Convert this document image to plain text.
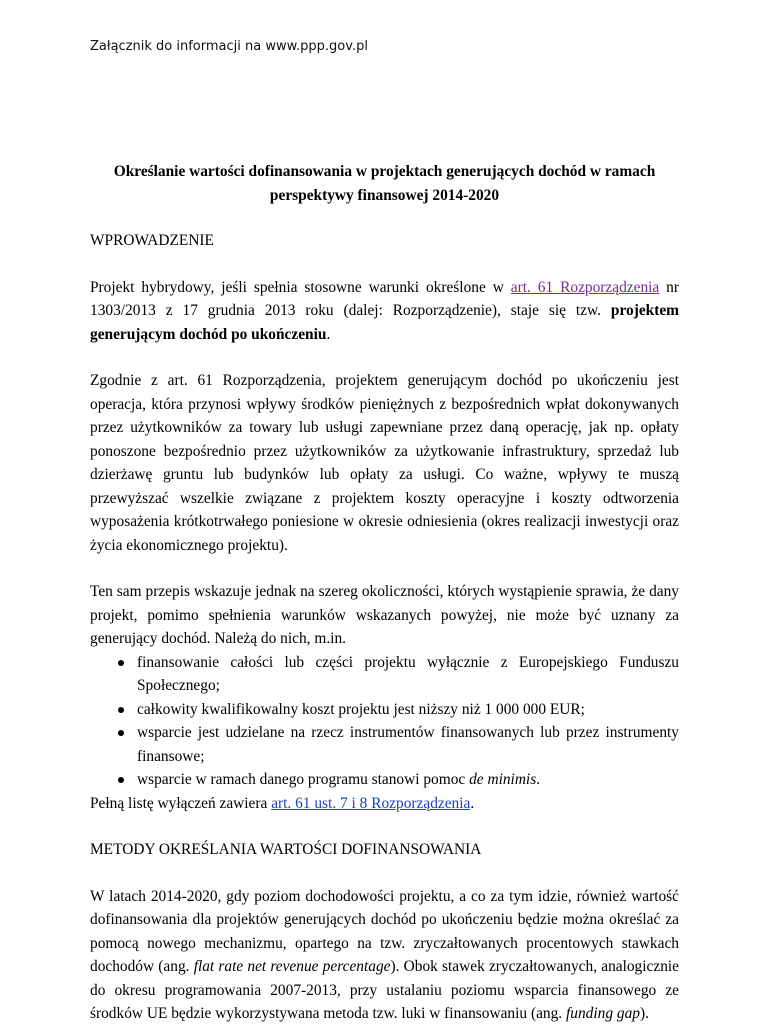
Załącznik do informacji na www.ppp.gov.pl

Określanie wartości dofinansowania w projektach generujących dochód w ramach perspektywy finansowej 2014-2020

WPROWADZENIE

Projekt hybrydowy, jeśli spełnia stosowne warunki określone w art. 61 Rozporządzenia nr 1303/2013 z 17 grudnia 2013 roku (dalej: Rozporządzenie), staje się tzw. projektem generującym dochód po ukończeniu.

Zgodnie z art. 61 Rozporządzenia, projektem generującym dochód po ukończeniu jest operacja, która przynosi wpływy środków pieniężnych z bezpośrednich wpłat dokonywanych przez użytkowników za towary lub usługi zapewniane przez daną operację, jak np. opłaty ponoszone bezpośrednio przez użytkowników za użytkowanie infrastruktury, sprzedaż lub dzierżawę gruntu lub budynków lub opłaty za usługi. Co ważne, wpływy te muszą przewyższać wszelkie związane z projektem koszty operacyjne i koszty odtworzenia wyposażenia krótkotrwałego poniesione w okresie odniesienia (okres realizacji inwestycji oraz życia ekonomicznego projektu).

Ten sam przepis wskazuje jednak na szereg okoliczności, których wystąpienie sprawia, że dany projekt, pomimo spełnienia warunków wskazanych powyżej, nie może być uznany za generujący dochód. Należą do nich, m.in.

finansowanie całości lub części projektu wyłącznie z Europejskiego Funduszu Społecznego;
całkowity kwalifikowalny koszt projektu jest niższy niż 1 000 000 EUR;
wsparcie jest udzielane na rzecz instrumentów finansowanych lub przez instrumenty finansowe;
wsparcie w ramach danego programu stanowi pomoc de minimis.

Pełną listę wyłączeń zawiera art. 61 ust. 7 i 8 Rozporządzenia.

METODY OKREŚLANIA WARTOŚCI DOFINANSOWANIA

W latach 2014-2020, gdy poziom dochodowości projektu, a co za tym idzie, również wartość dofinansowania dla projektów generujących dochód po ukończeniu będzie można określać za pomocą nowego mechanizmu, opartego na tzw. zryczałtowanych procentowych stawkach dochodów (ang. flat rate net revenue percentage). Obok stawek zryczałtowanych, analogicznie do okresu programowania 2007-2013, przy ustalaniu poziomu wsparcia finansowego ze środków UE będzie wykorzystywana metoda tzw. luki w finansowaniu (ang. funding gap).
